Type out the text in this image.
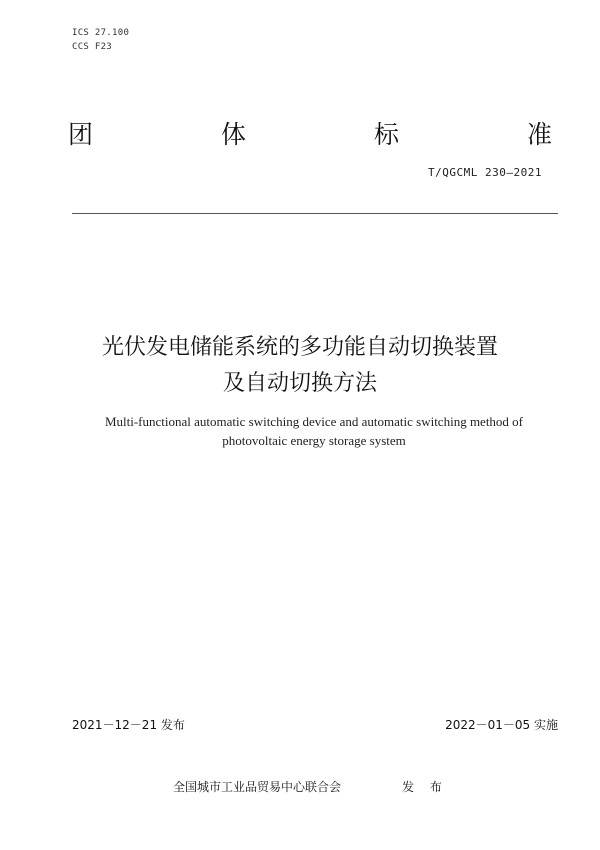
ICS 27.100
CCS F23
团	体	标	准
T/QGCML 230—2021
光伏发电储能系统的多功能自动切换装置
及自动切换方法
Multi-functional automatic switching device and automatic switching method of
photovoltaic energy storage system
2021－12－21 发布	2022－01－05 实施
全国城市工业品贸易中心联合会	发 布
